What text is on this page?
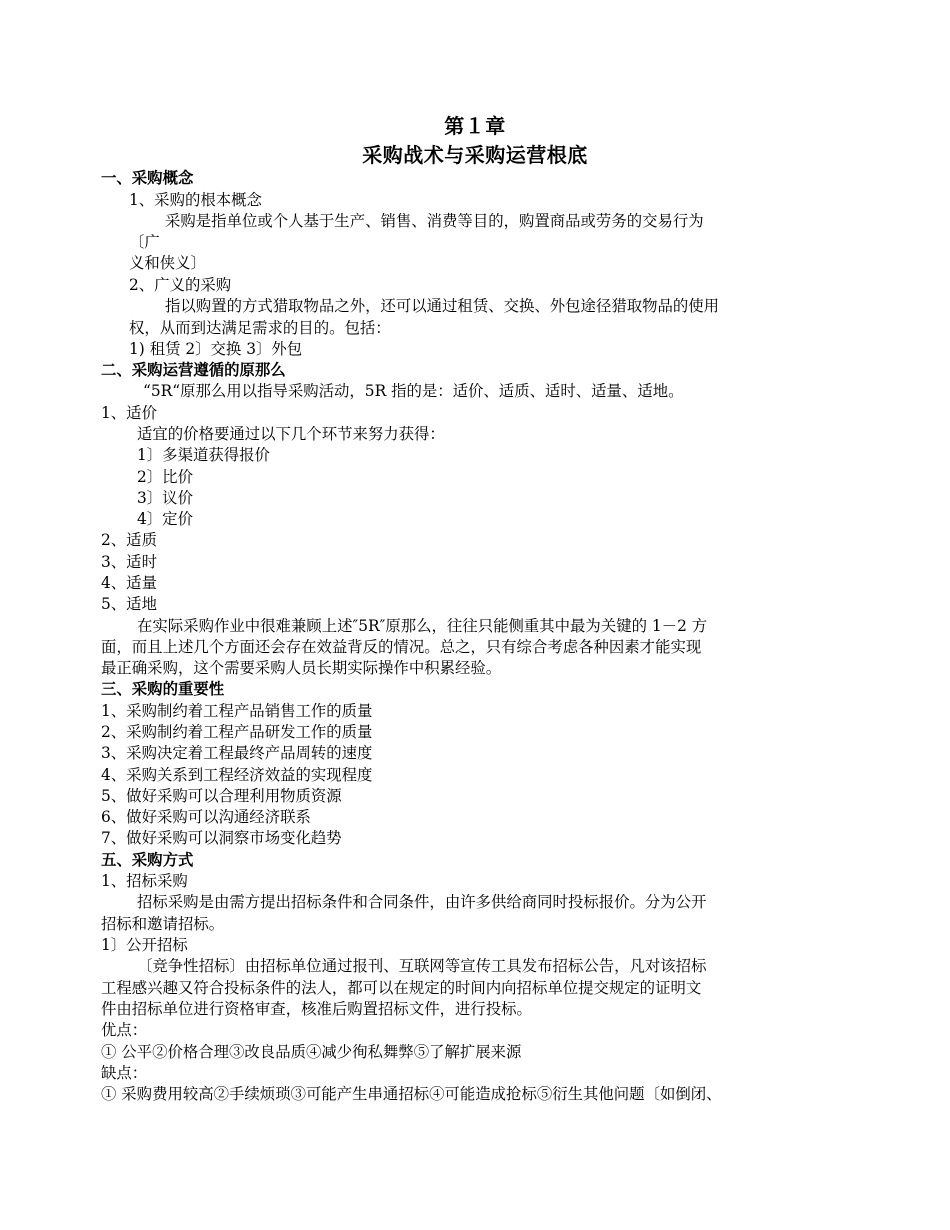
第１章
采购战术与采购运营根底
一、采购概念
1、采购的根本概念
采购是指单位或个人基于生产、销售、消费等目的，购置商品或劳务的交易行为
〔广
义和侠义〕
2、广义的采购
指以购置的方式猎取物品之外，还可以通过租赁、交换、外包途径猎取物品的使用
权，从而到达满足需求的目的。包括：
1) 租赁 2〕交换 3〕外包
二、采购运营遵循的原那么
“5R“原那么用以指导采购活动，5R 指的是：适价、适质、适时、适量、适地。
1、适价
适宜的价格要通过以下几个环节来努力获得：
1〕多渠道获得报价
2〕比价
3〕议价
4〕定价
2、适质
3、适时
4、适量
5、适地
在实际采购作业中很难兼顾上述″5R″原那么，往往只能侧重其中最为关键的 1－2 方
面，而且上述几个方面还会存在效益背反的情况。总之，只有综合考虑各种因素才能实现
最正确采购，这个需要采购人员长期实际操作中积累经验。
三、采购的重要性
1、采购制约着工程产品销售工作的质量
2、采购制约着工程产品研发工作的质量
3、采购决定着工程最终产品周转的速度
4、采购关系到工程经济效益的实现程度
5、做好采购可以合理利用物质资源
6、做好采购可以沟通经济联系
7、做好采购可以洞察市场变化趋势
五、采购方式
1、招标采购
招标采购是由需方提出招标条件和合同条件，由许多供给商同时投标报价。分为公开
招标和邀请招标。
1〕公开招标
〔竞争性招标〕由招标单位通过报刊、互联网等宣传工具发布招标公告，凡对该招标
工程感兴趣又符合投标条件的法人，都可以在规定的时间内向招标单位提交规定的证明文
件由招标单位进行资格审查，核准后购置招标文件，进行投标。
优点：
① 公平②价格合理③改良品质④减少徇私舞弊⑤了解扩展来源
缺点：
① 采购费用较高②手续烦琐③可能产生串通招标④可能造成抢标⑤衍生其他问题〔如倒闭、
